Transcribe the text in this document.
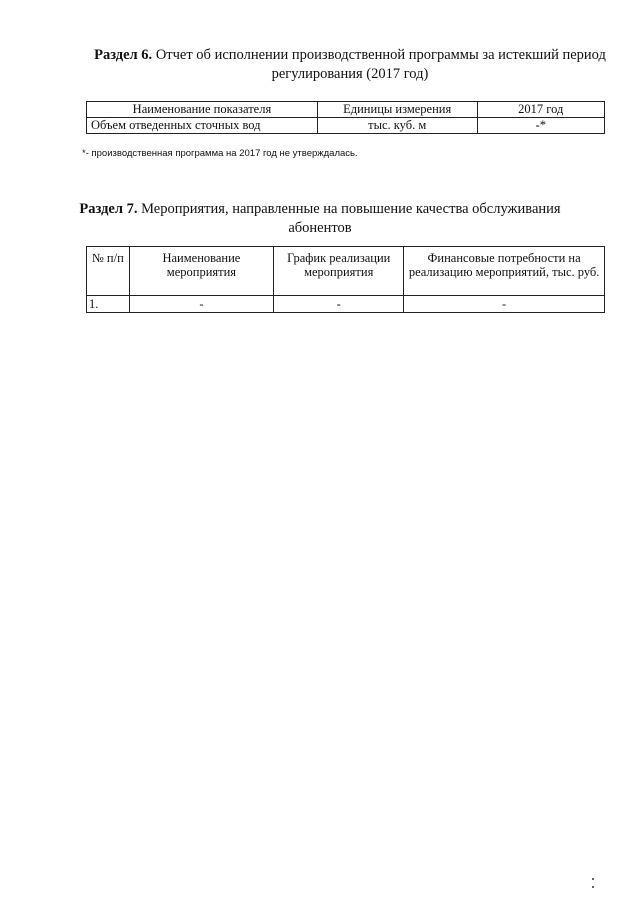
Раздел 6. Отчет об исполнении производственной программы за истекший период регулирования (2017 год)
Наименование показателя	Единицы измерения	2017 год
Объем отведенных сточных вод	тыс. куб. м	-*
*- производственная программа на 2017 год не утверждалась.
Раздел 7. Мероприятия, направленные на повышение качества обслуживания абонентов
№ п/п	Наименование мероприятия	График реализации мероприятия	Финансовые потребности на реализацию мероприятий, тыс. руб.
1.	-	-	-
